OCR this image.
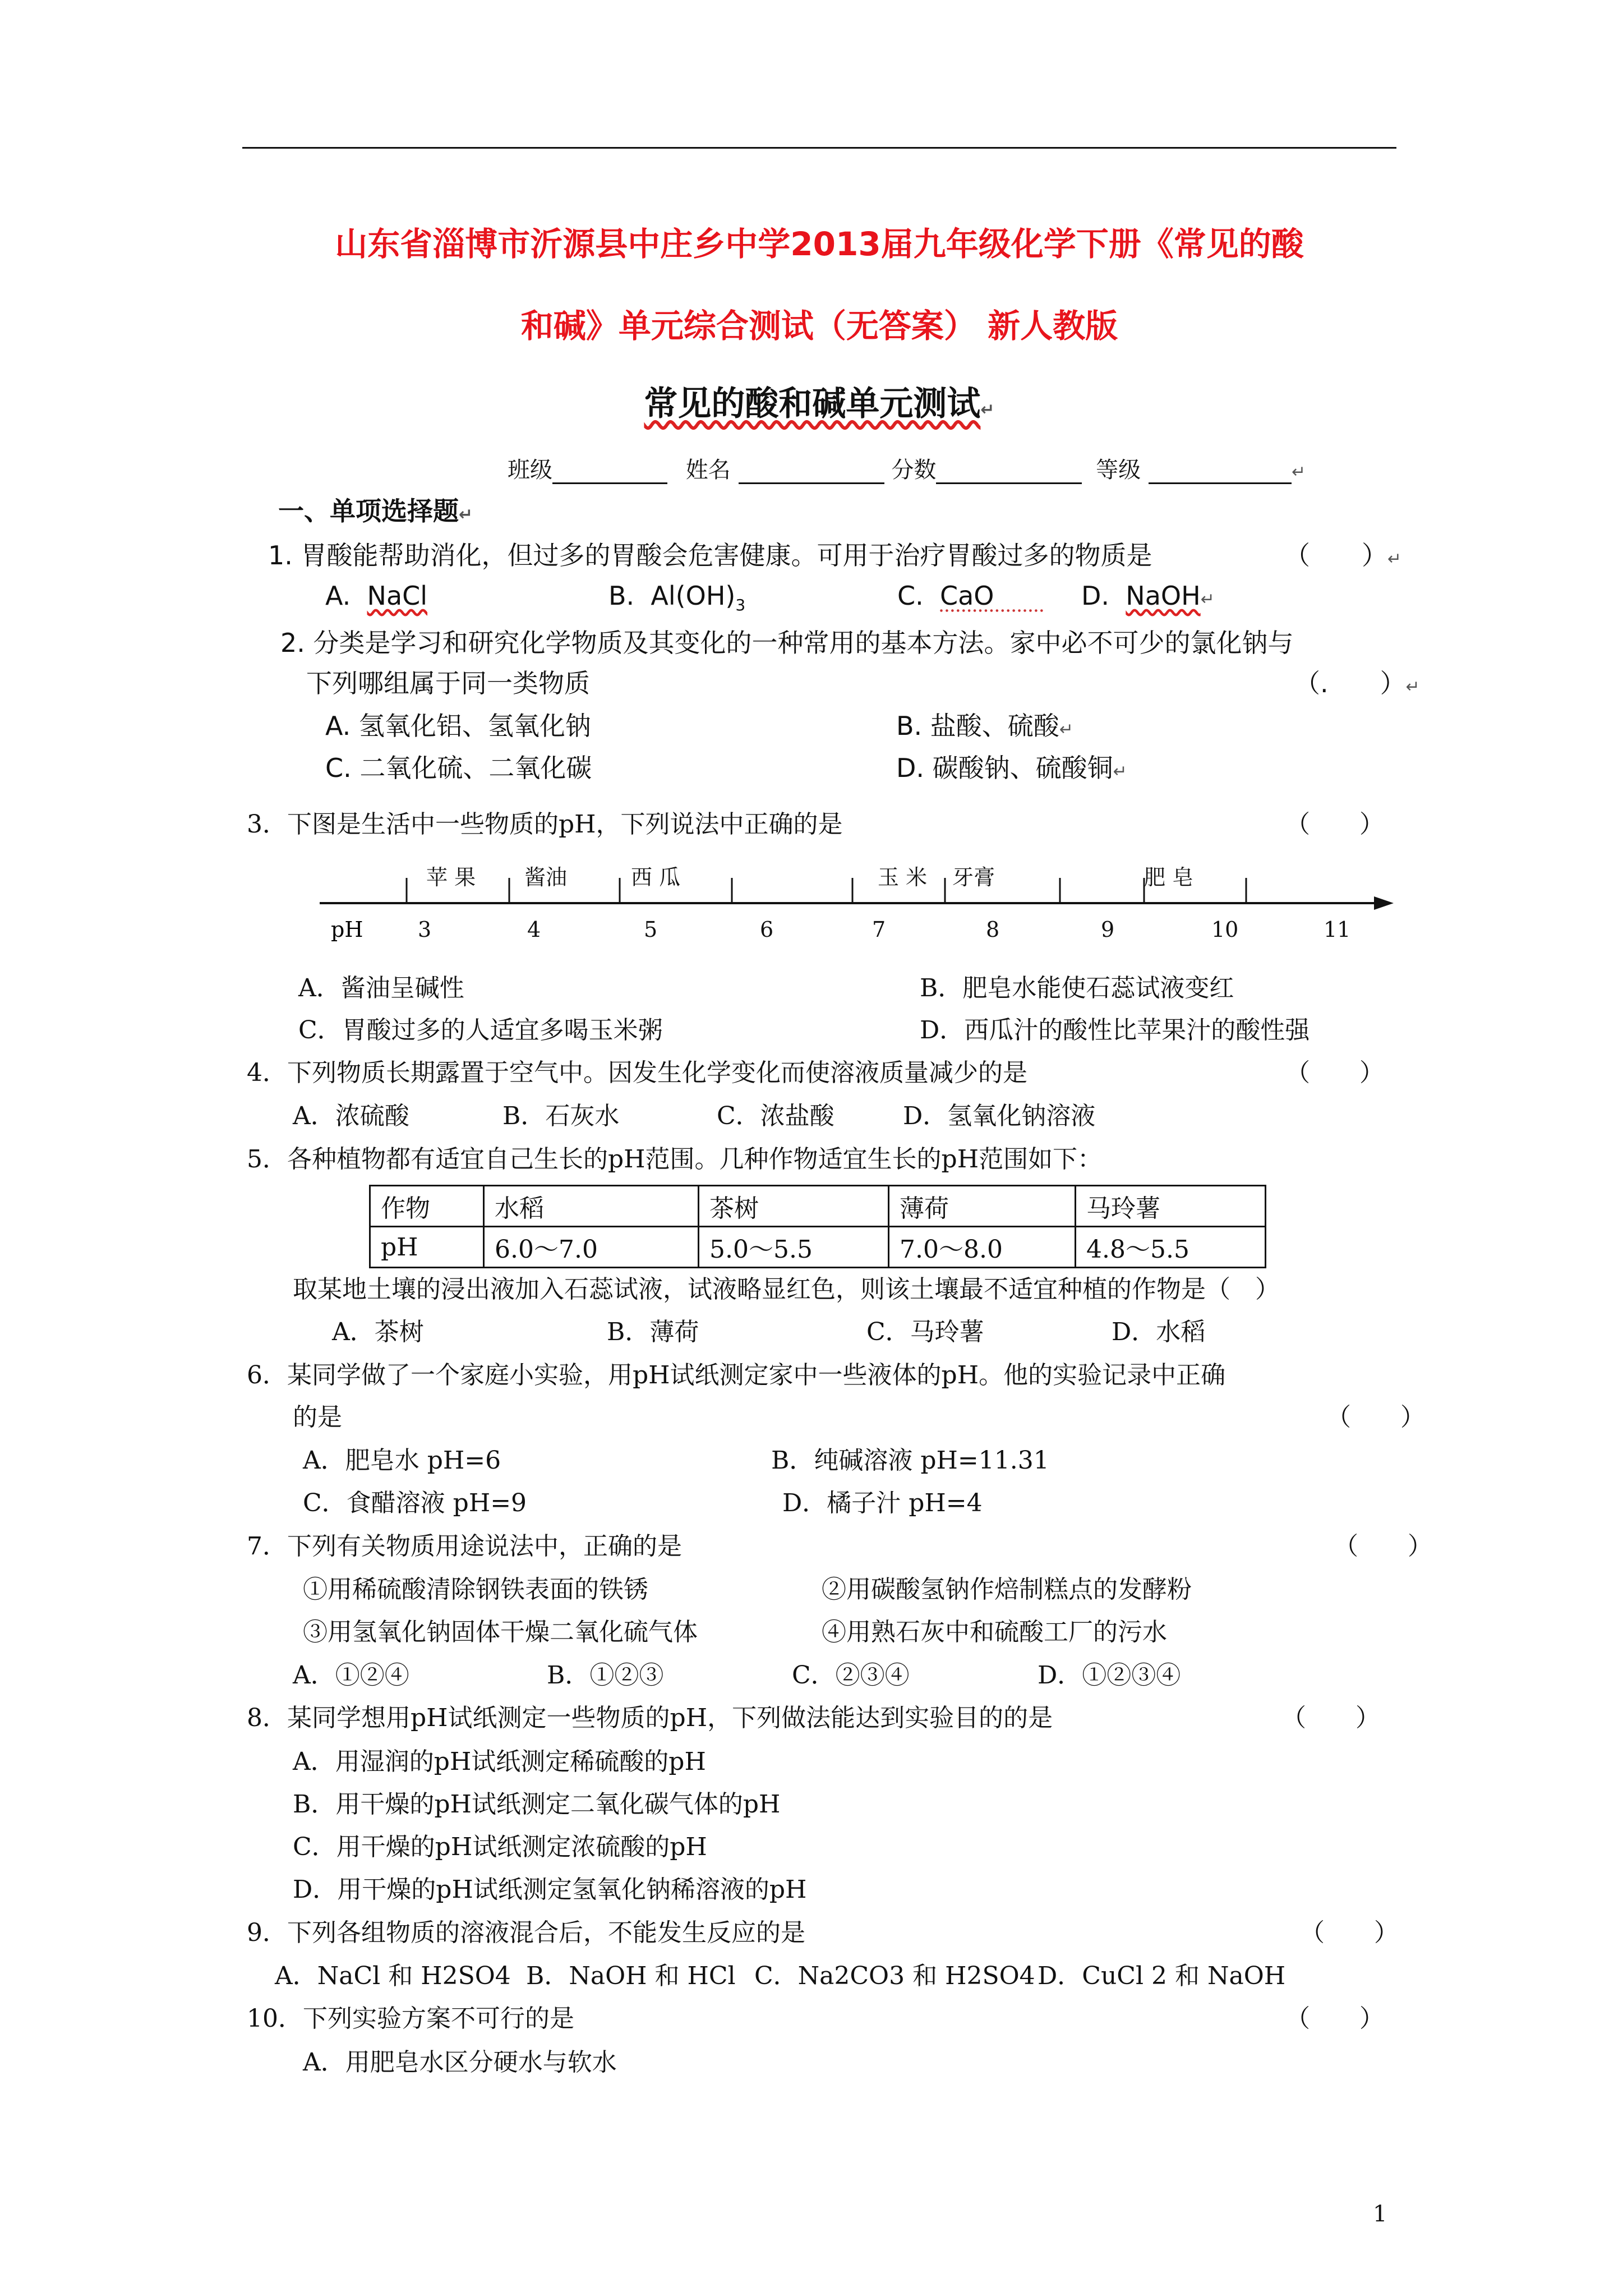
山东省淄博市沂源县中庄乡中学2013届九年级化学下册《常见的酸
和碱》单元综合测试（无答案） 新人教版
常见的酸和碱单元测试↵
班级	姓名	分数	等级	↵
一、单项选择题↵
1. 胃酸能帮助消化，但过多的胃酸会危害健康。可用于治疗胃酸过多的物质是	（　　）↵
A.  NaCl	B.  $Al(OH)_3$	C.  CaO D.  NaOH↵
2. 分类是学习和研究化学物质及其变化的一种常用的基本方法。家中必不可少的氯化钠与
下列哪组属于同一类物质	（.　　）↵
A. 氢氧化铝、氢氧化钠	B. 盐酸、硫酸↵
C. 二氧化硫、二氧化碳	D. 碳酸钠、硫酸铜↵
3．下图是生活中一些物质的pH，下列说法中正确的是	（　　）
苹 果 酱油	西 瓜	玉 米 牙膏	肥 皂
pH	3	4	5	6	7	8	9	10	11
A．酱油呈碱性	B．肥皂水能使石蕊试液变红
C．胃酸过多的人适宜多喝玉米粥	D．西瓜汁的酸性比苹果汁的酸性强
4．下列物质长期露置于空气中。因发生化学变化而使溶液质量减少的是	（　　）
A．浓硫酸	B．石灰水	C．浓盐酸	D．氢氧化钠溶液
5．各种植物都有适宜自己生长的pH范围。几种作物适宜生长的pH范围如下：
作物	水稻	茶树	薄荷	马玲薯
pH	6.0～7.0	5.0～5.5	7.0～8.0	4.8～5.5
取某地土壤的浸出液加入石蕊试液，试液略显红色，则该土壤最不适宜种植的作物是（　）
A．茶树	B．薄荷	C．马玲薯	D．水稻
6．某同学做了一个家庭小实验，用pH试纸测定家中一些液体的pH。他的实验记录中正确
的是	（　　）
A．肥皂水 pH=6	B．纯碱溶液 pH=11.31
C．食醋溶液 pH=9	D．橘子汁 pH=4
7．下列有关物质用途说法中，正确的是	（　　）
①用稀硫酸清除钢铁表面的铁锈	②用碳酸氢钠作焙制糕点的发酵粉
③用氢氧化钠固体干燥二氧化硫气体	④用熟石灰中和硫酸工厂的污水
A．①②④	B．①②③	C．②③④	D．①②③④
8．某同学想用pH试纸测定一些物质的pH，下列做法能达到实验目的的是	（　　）
A．用湿润的pH试纸测定稀硫酸的pH
B．用干燥的pH试纸测定二氧化碳气体的pH
C．用干燥的pH试纸测定浓硫酸的pH
D．用干燥的pH试纸测定氢氧化钠稀溶液的pH
9．下列各组物质的溶液混合后，不能发生反应的是	（　　）
A．NaCl 和 H2SO4 B．NaOH 和 HCl C．Na2CO3 和 H2SO4 D．CuCl 2 和 NaOH
10．下列实验方案不可行的是	（　　）
A．用肥皂水区分硬水与软水
1
